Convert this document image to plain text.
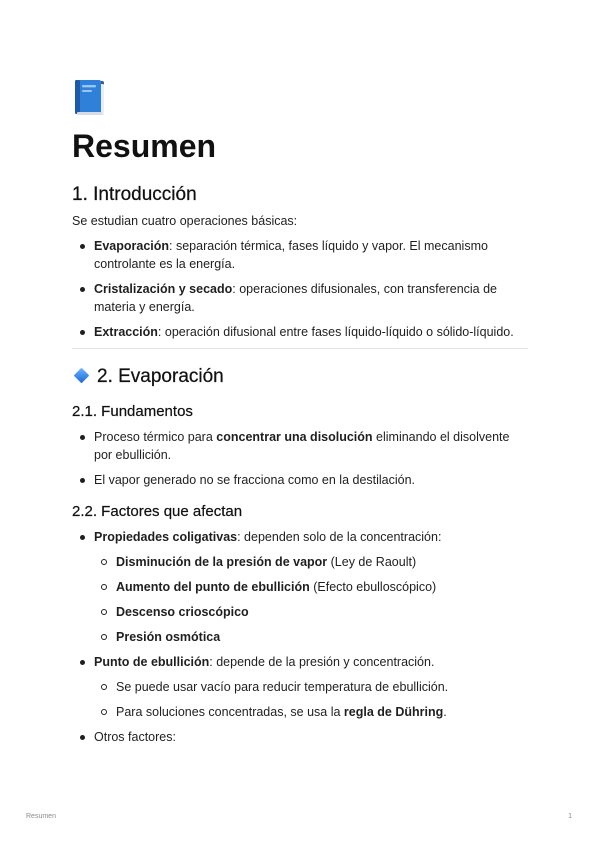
Resumen
1. Introducción

Se estudian cuatro operaciones básicas:

Evaporación: separación térmica, fases líquido y vapor. El mecanismo controlante es la energía.
Cristalización y secado: operaciones difusionales, con transferencia de materia y energía.
Extracción: operación difusional entre fases líquido-líquido o sólido-líquido.
2. Evaporación
2.1. Fundamentos
Proceso térmico para concentrar una disolución eliminando el disolvente por ebullición.
El vapor generado no se fracciona como en la destilación.
2.2. Factores que afectan
Propiedades coligativas: dependen solo de la concentración:
Disminución de la presión de vapor (Ley de Raoult)
Aumento del punto de ebullición (Efecto ebulloscópico)
Descenso crioscópico
Presión osmótica
Punto de ebullición: depende de la presión y concentración.
Se puede usar vacío para reducir temperatura de ebullición.
Para soluciones concentradas, se usa la regla de Dühring.
Otros factores:
Resumen	1
